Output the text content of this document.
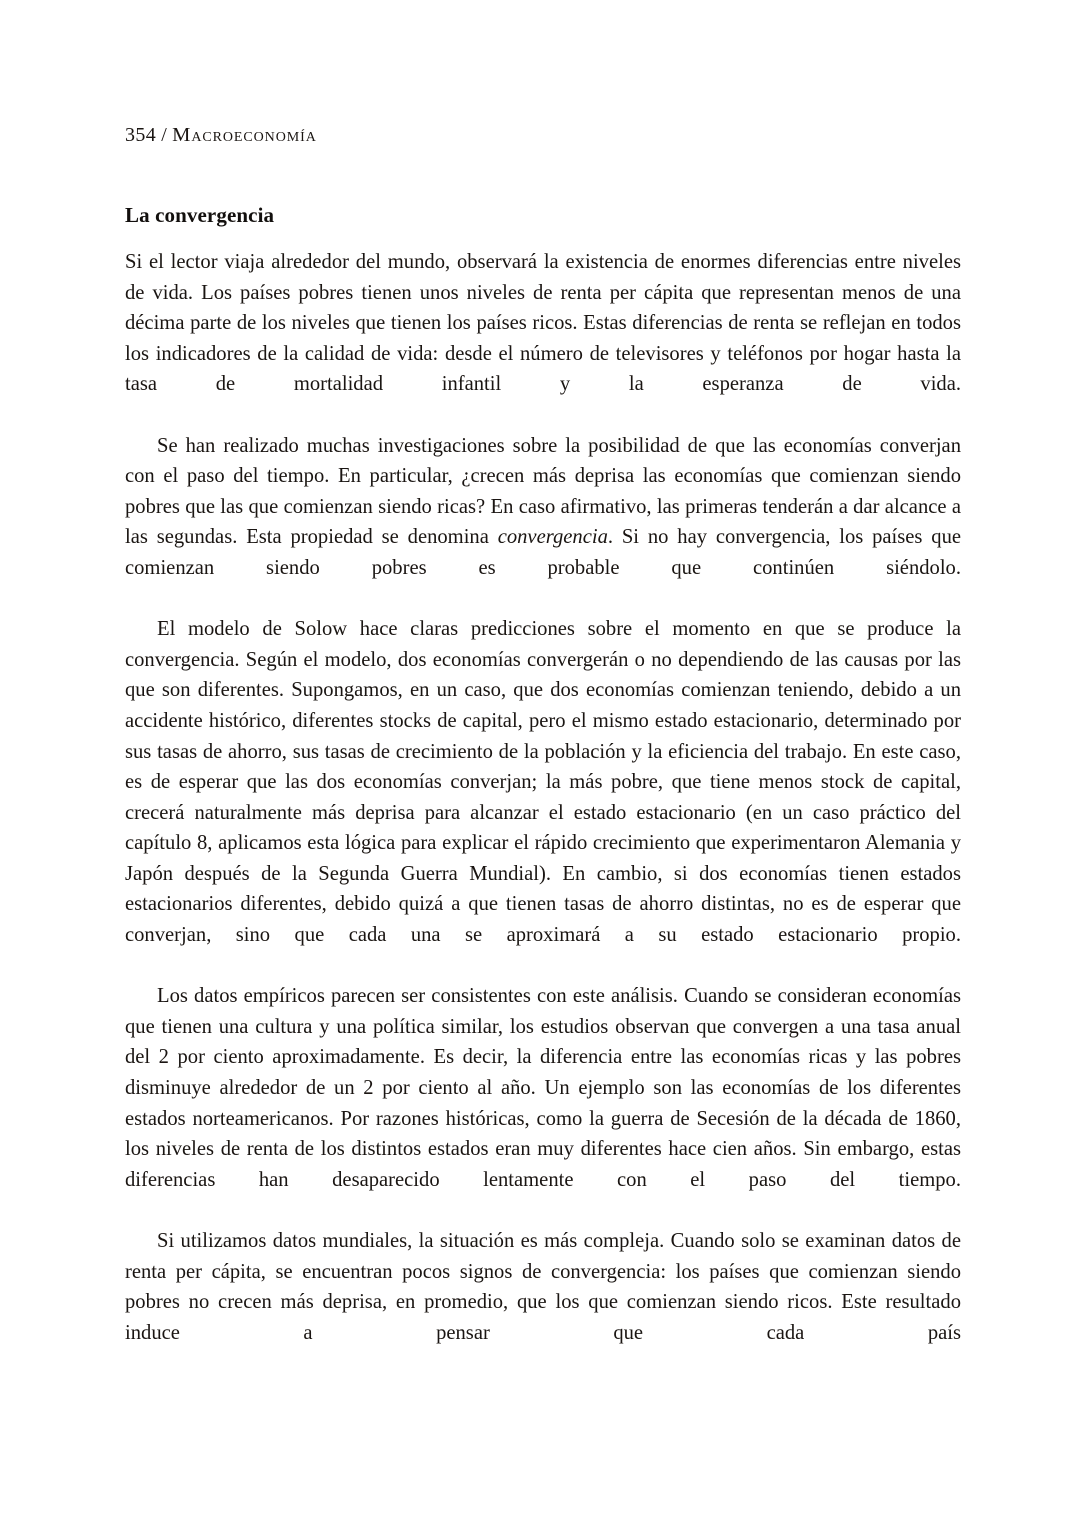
354 / Macroeconomía
La convergencia

Si el lector viaja alrededor del mundo, observará la existencia de enormes diferencias entre niveles de vida. Los países pobres tienen unos niveles de renta per cápita que representan menos de una décima parte de los niveles que tienen los países ricos. Estas diferencias de renta se reflejan en todos los indicadores de la calidad de vida: desde el número de televisores y teléfonos por hogar hasta la tasa de mortalidad infantil y la esperanza de vida.

Se han realizado muchas investigaciones sobre la posibilidad de que las economías converjan con el paso del tiempo. En particular, ¿crecen más deprisa las economías que comienzan siendo pobres que las que comienzan siendo ricas? En caso afirmativo, las primeras tenderán a dar alcance a las segundas. Esta propiedad se denomina convergencia. Si no hay convergencia, los países que comienzan siendo pobres es probable que continúen siéndolo.

El modelo de Solow hace claras predicciones sobre el momento en que se produce la convergencia. Según el modelo, dos economías convergerán o no dependiendo de las causas por las que son diferentes. Supongamos, en un caso, que dos economías comienzan teniendo, debido a un accidente histórico, diferentes stocks de capital, pero el mismo estado estacionario, determinado por sus tasas de ahorro, sus tasas de crecimiento de la población y la eficiencia del trabajo. En este caso, es de esperar que las dos economías converjan; la más pobre, que tiene menos stock de capital, crecerá naturalmente más deprisa para alcanzar el estado estacionario (en un caso práctico del capítulo 8, aplicamos esta lógica para explicar el rápido crecimiento que experimentaron Alemania y Japón después de la Segunda Guerra Mundial). En cambio, si dos economías tienen estados estacionarios diferentes, debido quizá a que tienen tasas de ahorro distintas, no es de esperar que converjan, sino que cada una se aproximará a su estado estacionario propio.

Los datos empíricos parecen ser consistentes con este análisis. Cuando se consideran economías que tienen una cultura y una política similar, los estudios observan que convergen a una tasa anual del 2 por ciento aproximadamente. Es decir, la diferencia entre las economías ricas y las pobres disminuye alrededor de un 2 por ciento al año. Un ejemplo son las economías de los diferentes estados norteamericanos. Por razones históricas, como la guerra de Secesión de la década de 1860, los niveles de renta de los distintos estados eran muy diferentes hace cien años. Sin embargo, estas diferencias han desaparecido lentamente con el paso del tiempo.

Si utilizamos datos mundiales, la situación es más compleja. Cuando solo se examinan datos de renta per cápita, se encuentran pocos signos de convergencia: los países que comienzan siendo pobres no crecen más deprisa, en promedio, que los que comienzan siendo ricos. Este resultado induce a pensar que cada país
